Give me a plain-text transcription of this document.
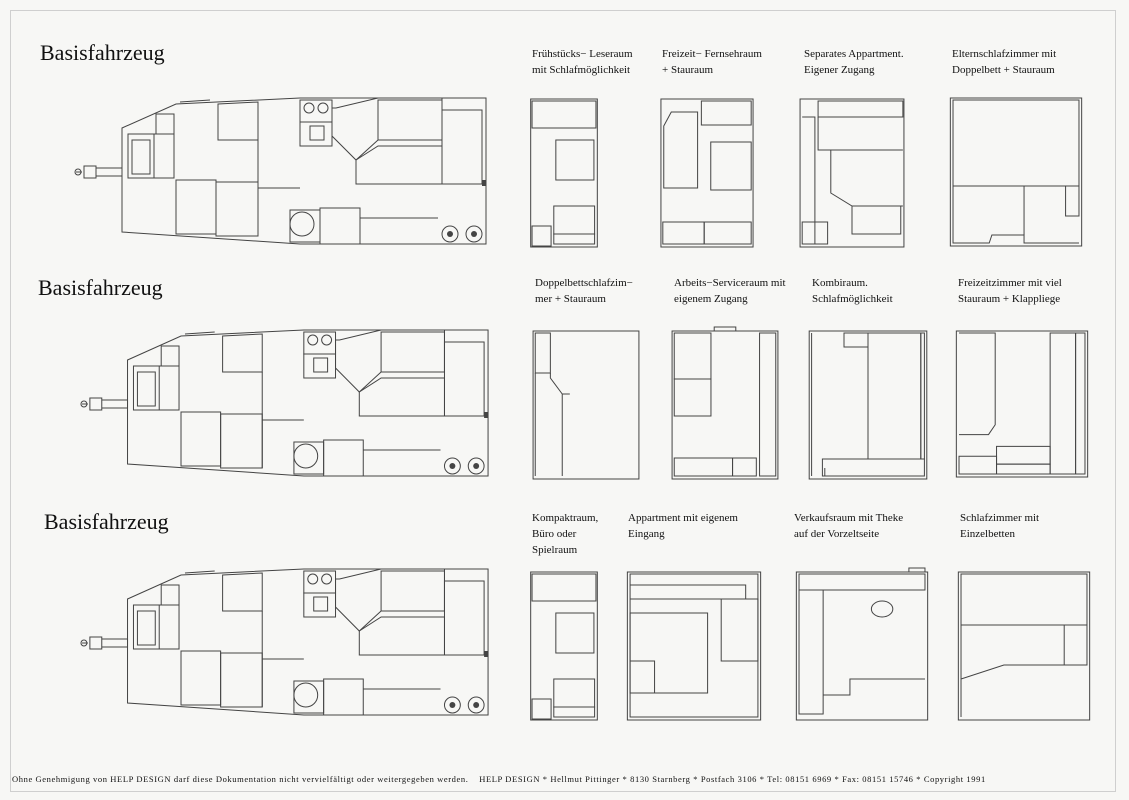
Basisfahrzeug	Frühstücks− Leseraum
mit Schlafmöglichkeit
Freizeit− Fernsehraum
+ Stauraum
Separates Appartment.
Eigener Zugang
Elternschlafzimmer mit
Doppelbett + Stauraum
Basisfahrzeug	Doppelbettschlafzim−
mer + Stauraum
Arbeits−Serviceraum mit
eigenem Zugang
Kombiraum.
Schlafmöglichkeit
Freizeitzimmer mit viel
Stauraum + Klappliege
Basisfahrzeug	Kompaktraum,
Büro oder
Spielraum
Appartment mit eigenem
Eingang
Verkaufsraum mit Theke
auf der Vorzeltseite
Schlafzimmer mit
Einzelbetten
Ohne Genehmigung von HELP DESIGN darf diese Dokumentation nicht vervielfältigt oder weitergegeben werden. HELP DESIGN * Hellmut Pittinger * 8130 Starnberg * Postfach 3106 * Tel: 08151 6969 * Fax: 08151 15746 * Copyright 1991
